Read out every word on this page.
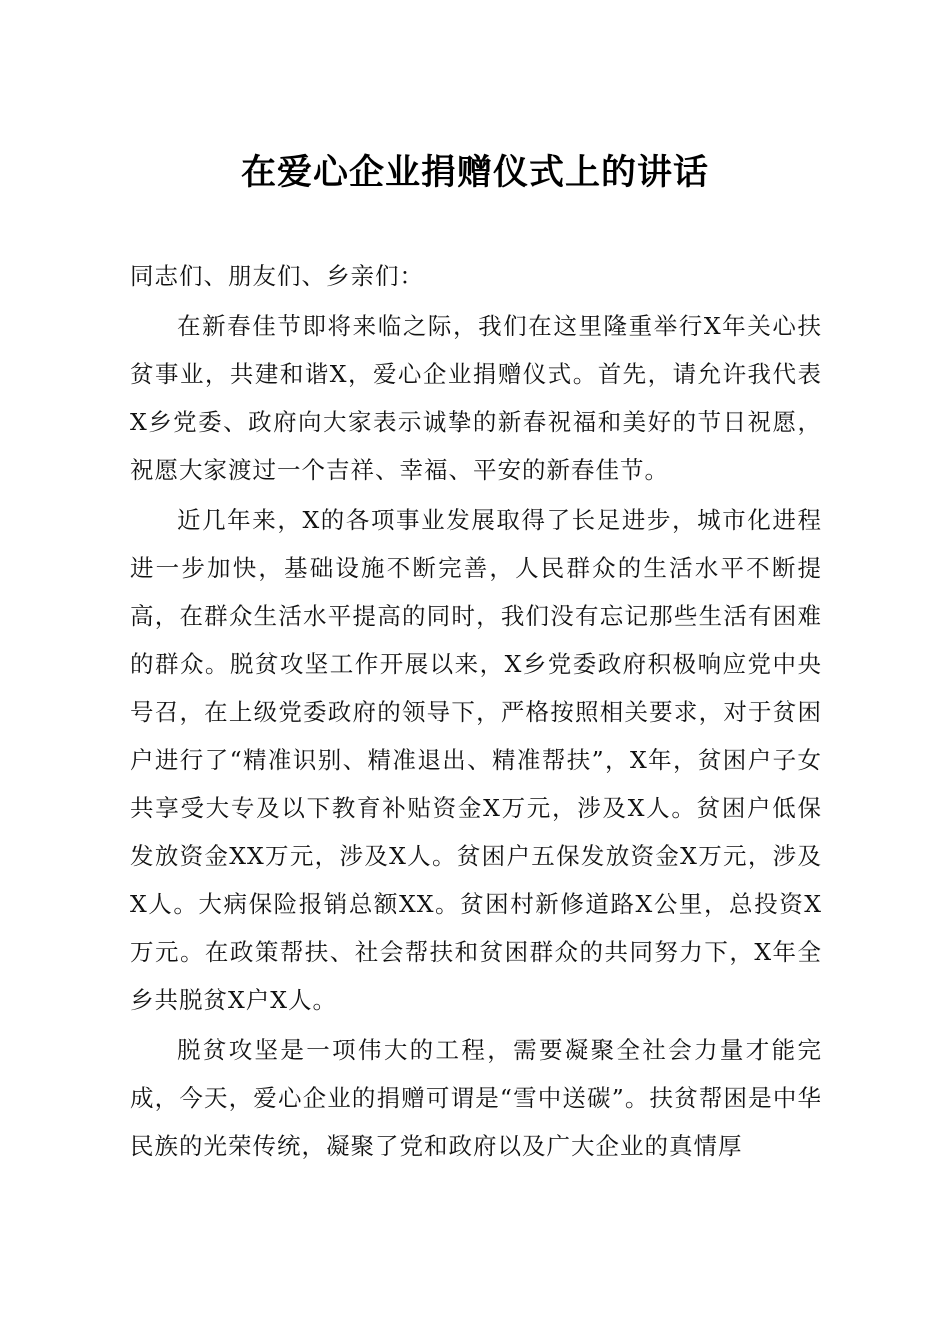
在爱心企业捐赠仪式上的讲话

同志们、朋友们、乡亲们：

在新春佳节即将来临之际，我们在这里隆重举行X年关心扶贫事业，共建和谐X，爱心企业捐赠仪式。首先，请允许我代表X乡党委、政府向大家表示诚挚的新春祝福和美好的节日祝愿，祝愿大家渡过一个吉祥、幸福、平安的新春佳节。

近几年来，X的各项事业发展取得了长足进步，城市化进程进一步加快，基础设施不断完善，人民群众的生活水平不断提高，在群众生活水平提高的同时，我们没有忘记那些生活有困难的群众。脱贫攻坚工作开展以来，X乡党委政府积极响应党中央号召，在上级党委政府的领导下，严格按照相关要求，对于贫困户进行了“精准识别、精准退出、精准帮扶”，X年，贫困户子女共享受大专及以下教育补贴资金X万元，涉及X人。贫困户低保发放资金XX万元，涉及X人。贫困户五保发放资金X万元，涉及X人。大病保险报销总额XX。贫困村新修道路X公里，总投资X万元。在政策帮扶、社会帮扶和贫困群众的共同努力下，X年全乡共脱贫X户X人。

脱贫攻坚是一项伟大的工程，需要凝聚全社会力量才能完成，今天，爱心企业的捐赠可谓是“雪中送碳”。扶贫帮困是中华民族的光荣传统，凝聚了党和政府以及广大企业的真情厚
